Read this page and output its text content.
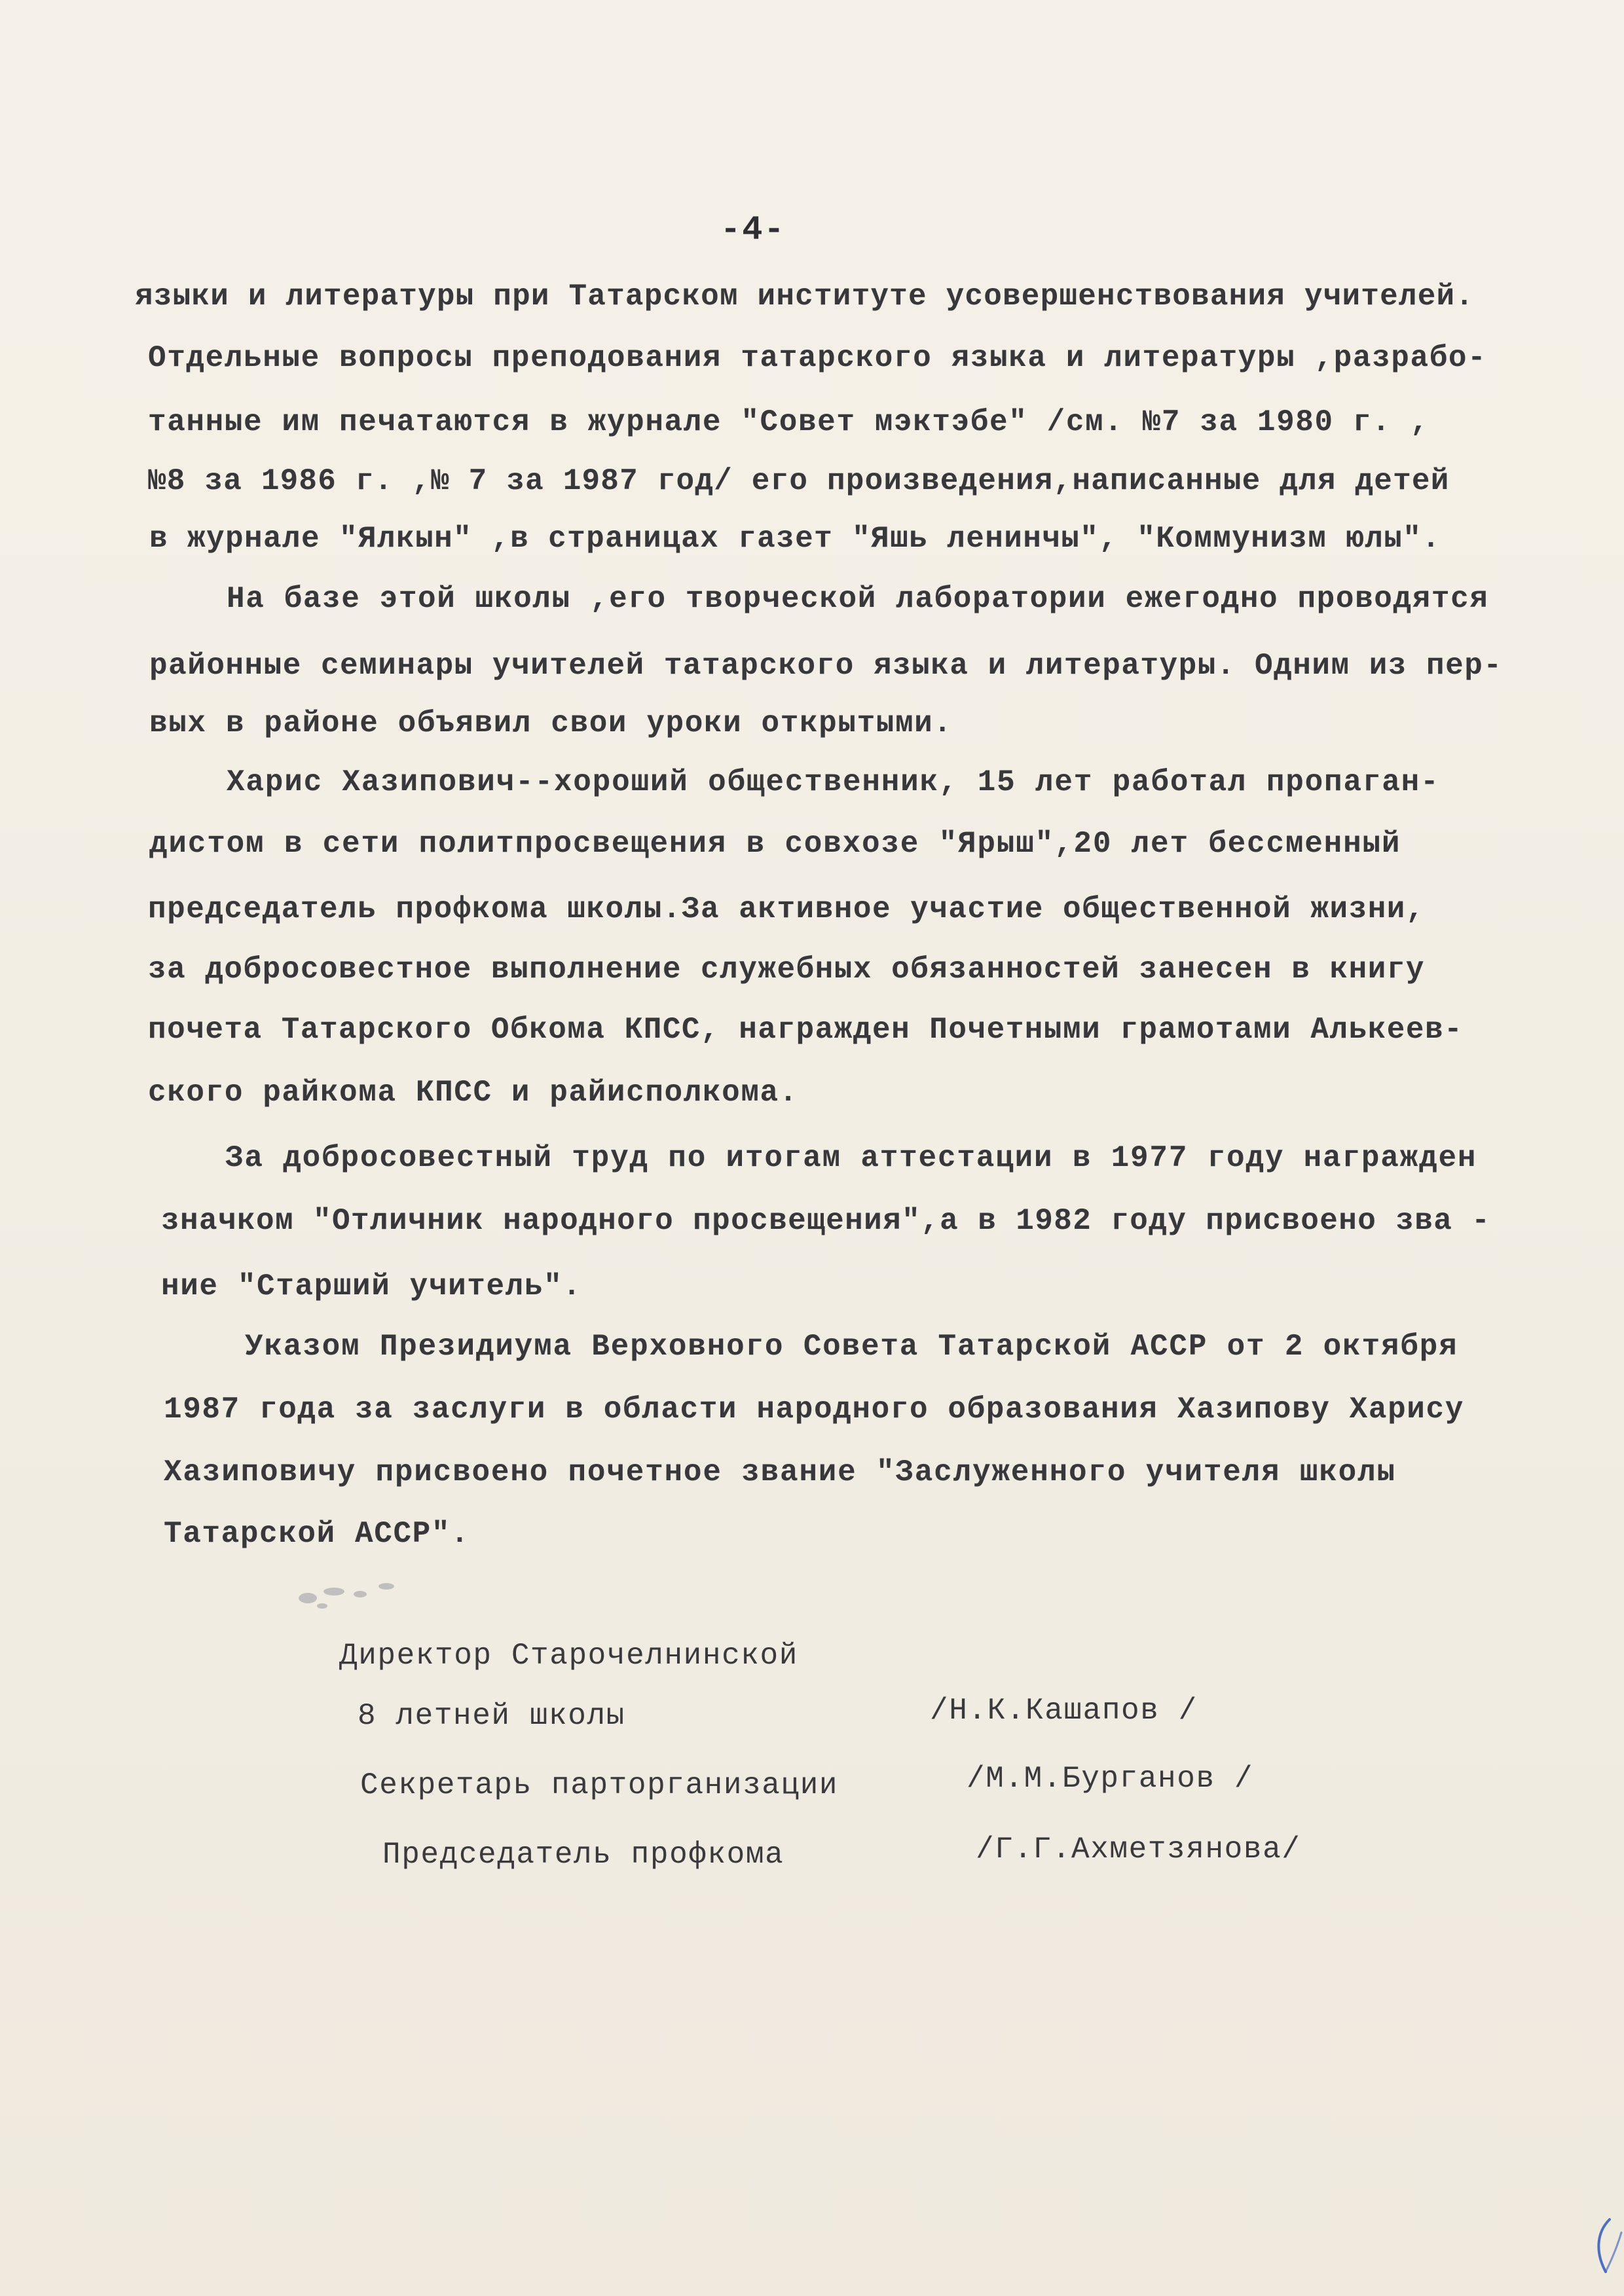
-4-
языки и литературы при Татарском институте усовершенствования учителей.
Отдельные вопросы преподования татарского языка и литературы ,разрабо-
танные им печатаются в журнале "Совет мэктэбе" /см. №7 за 1980 г. ,
№8 за 1986 г. ,№ 7 за 1987 год/ его произведения,написанные для детей
в журнале "Ялкын" ,в страницах газет "Яшь ленинчы", "Коммунизм юлы".
На базе этой школы ,его творческой лаборатории ежегодно проводятся
районные семинары учителей татарского языка и литературы. Одним из пер-
вых в районе объявил свои уроки открытыми.
Харис Хазипович--хороший общественник, 15 лет работал пропаган-
дистом в сети политпросвещения в совхозе "Ярыш",20 лет бессменный
председатель профкома школы.За активное участие общественной жизни,
за добросовестное выполнение служебных обязанностей занесен в книгу
почета Татарского Обкома КПСС, награжден Почетными грамотами Алькеев-
ского райкома КПСС и райисполкома.
За добросовестный труд по итогам аттестации в 1977 году награжден
значком "Отличник народного просвещения",а в 1982 году присвоено зва -
ние "Старший учитель".
Указом Президиума Верховного Совета Татарской АССР от 2 октября
1987 года за заслуги в области народного образования Хазипову Харису
Хазиповичу присвоено почетное звание "Заслуженного учителя школы
Татарской АССР".
Директор Старочелнинской
8 летней школы	/Н.К.Кашапов /
Секретарь парторганизации	/М.М.Бурганов /
Председатель профкома	/Г.Г.Ахметзянова/
